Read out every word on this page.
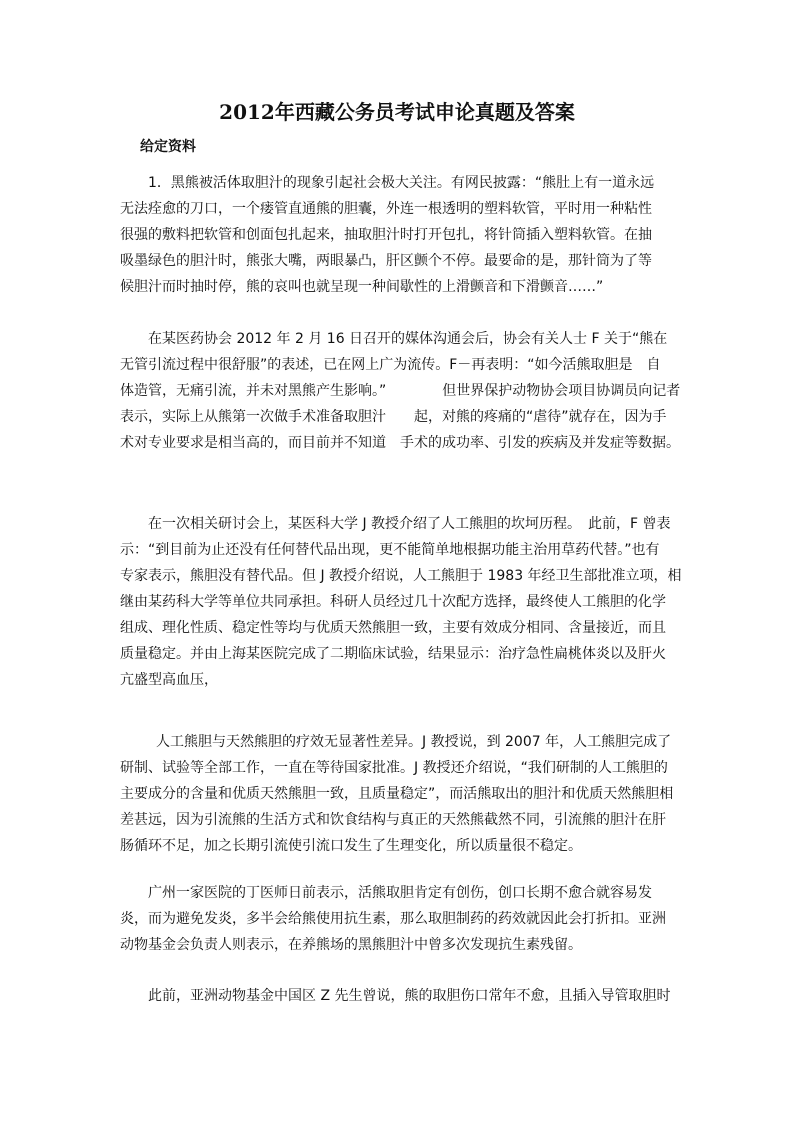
2012年西藏公务员考试申论真题及答案
给定资料
1．黑熊被活体取胆汁的现象引起社会极大关注。有网民披露：“熊肚上有一道永远
无法痊愈的刀口，一个瘘管直通熊的胆囊，外连一根透明的塑料软管，平时用一种粘性
很强的敷料把软管和创面包扎起来，抽取胆汁时打开包扎，将针筒插入塑料软管。在抽
吸墨绿色的胆汁时，熊张大嘴，两眼暴凸，肝区颤个不停。最要命的是，那针筒为了等
候胆汁而时抽时停，熊的哀叫也就呈现一种间歇性的上滑颤音和下滑颤音……”
在某医药协会 2012 年 2 月 16 日召开的媒体沟通会后，协会有关人士 F 关于“熊在
无管引流过程中很舒服”的表述，已在网上广为流传。F－再表明：“如今活熊取胆是　自
体造管，无痛引流，并未对黑熊产生影响。”　　　　但世界保护动物协会项目协调员向记者
表示，实际上从熊第一次做手术准备取胆汁　　起，对熊的疼痛的“虐待”就存在，因为手
术对专业要求是相当高的，而目前并不知道　手术的成功率、引发的疾病及并发症等数据。
在一次相关研讨会上，某医科大学 J 教授介绍了人工熊胆的坎坷历程。　此前，F 曾表
示：“到目前为止还没有任何替代品出现，更不能简单地根据功能主治用草药代替。”也有
专家表示，熊胆没有替代品。但 J 教授介绍说，人工熊胆于 1983 年经卫生部批准立项，相
继由某药科大学等单位共同承担。科研人员经过几十次配方选择，最终使人工熊胆的化学
组成、理化性质、稳定性等均与优质天然熊胆一致，主要有效成分相同、含量接近，而且
质量稳定。并由上海某医院完成了二期临床试验，结果显示：治疗急性扁桃体炎以及肝火
亢盛型高血压，
人工熊胆与天然熊胆的疗效无显著性差异。J 教授说，到 2007 年，人工熊胆完成了
研制、试验等全部工作，一直在等待国家批准。J 教授还介绍说，“我们研制的人工熊胆的
主要成分的含量和优质天然熊胆一致，且质量稳定”，而活熊取出的胆汁和优质天然熊胆相
差甚远，因为引流熊的生活方式和饮食结构与真正的天然熊截然不同，引流熊的胆汁在肝
肠循环不足，加之长期引流使引流口发生了生理变化，所以质量很不稳定。
广州一家医院的丁医师日前表示，活熊取胆肯定有创伤，创口长期不愈合就容易发
炎，而为避免发炎，多半会给熊使用抗生素，那么取胆制药的药效就因此会打折扣。亚洲
动物基金会负责人则表示，在养熊场的黑熊胆汁中曾多次发现抗生素残留。
此前，亚洲动物基金中国区 Z 先生曾说，熊的取胆伤口常年不愈，且插入导管取胆时
